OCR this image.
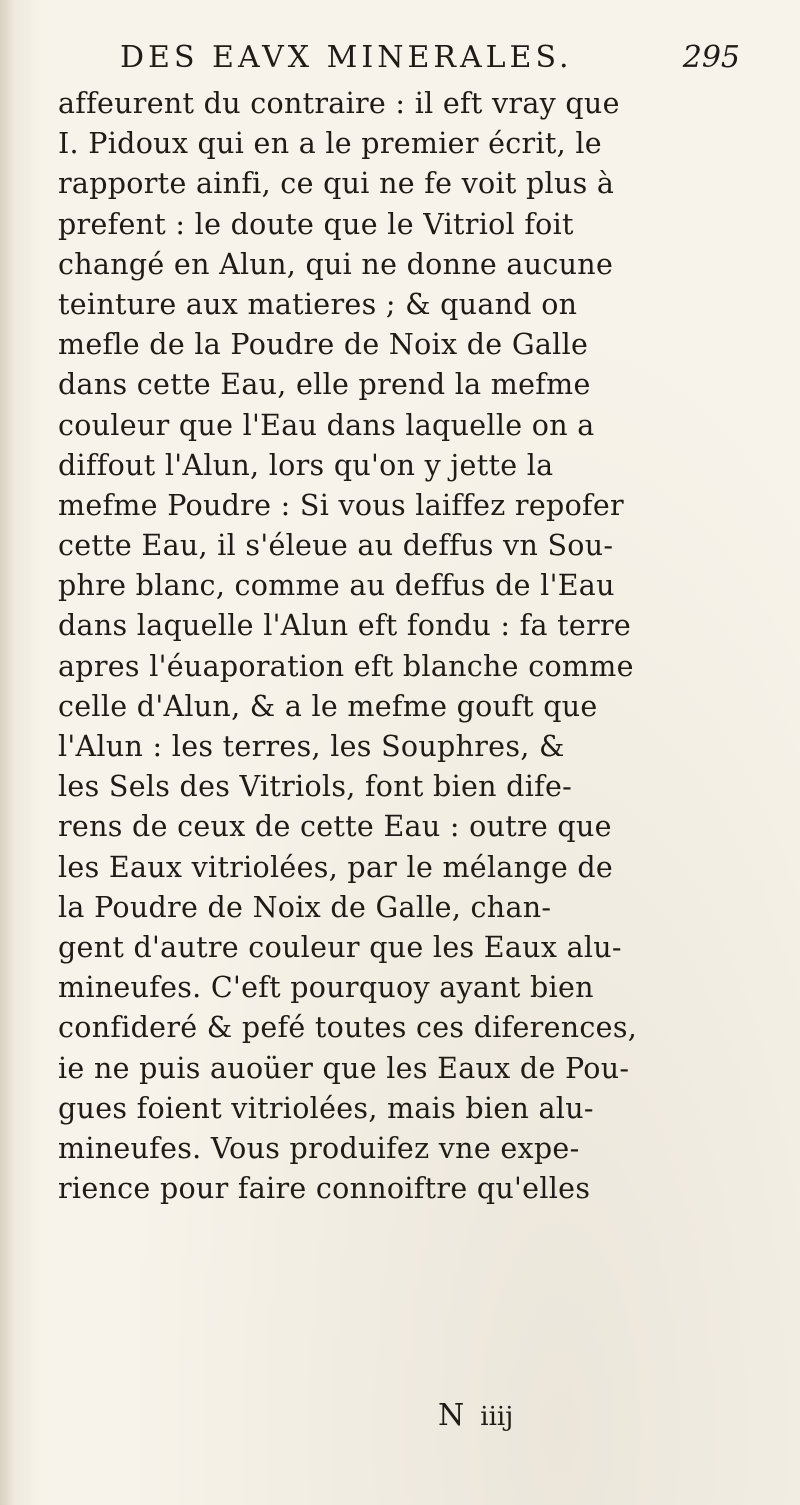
DES EAVX MINERALES.	295
affeurent du contraire : il eft vray que
I. Pidoux qui en a le premier écrit, le
rapporte ainfi, ce qui ne fe voit plus à
prefent : le doute que le Vitriol foit
changé en Alun, qui ne donne aucune
teinture aux matieres ; & quand on
mefle de la Poudre de Noix de Galle
dans cette Eau, elle prend la mefme
couleur que l'Eau dans laquelle on a
diffout l'Alun, lors qu'on y jette la
mefme Poudre : Si vous laiffez repofer
cette Eau, il s'éleue au deffus vn Sou-
phre blanc, comme au deffus de l'Eau
dans laquelle l'Alun eft fondu : fa terre
apres l'éuaporation eft blanche comme
celle d'Alun, & a le mefme gouft que
l'Alun : les terres, les Souphres, &
les Sels des Vitriols, font bien dife-
rens de ceux de cette Eau : outre que
les Eaux vitriolées, par le mélange de
la Poudre de Noix de Galle, chan-
gent d'autre couleur que les Eaux alu-
mineufes. C'eft pourquoy ayant bien
confideré & pefé toutes ces diferences,
ie ne puis auoüer que les Eaux de Pou-
gues foient vitriolées, mais bien alu-
mineufes. Vous produifez vne expe-
rience pour faire connoiftre qu'elles
N iiij
